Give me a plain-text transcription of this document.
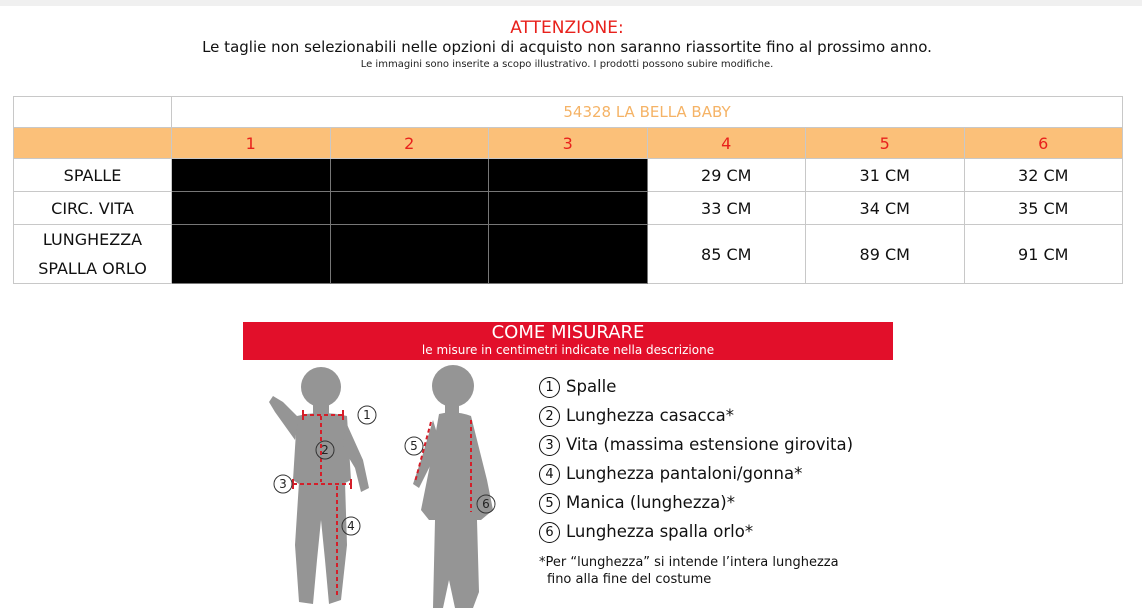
ATTENZIONE:
Le taglie non selezionabili nelle opzioni di acquisto non saranno riassortite fino al prossimo anno.
Le immagini sono inserite a scopo illustrativo. I prodotti possono subire modifiche.
	54328 LA BELLA BABY					
	1	2	3	4	5	6
SPALLE				29 CM	31 CM	32 CM
CIRC. VITA				33 CM	34 CM	35 CM

LUNGHEZZA
SPALLA ORLO				85 CM	89 CM	91 CM
COME MISURARE
le misure in centimetri indicate nella descrizione
1
2
3
4
5
6
1 Spalle
2 Lunghezza casacca*
3 Vita (massima estensione girovita)
4 Lunghezza pantaloni/gonna*
5 Manica (lunghezza)*
6 Lunghezza spalla orlo*
*Per “lunghezza” si intende l’intera lunghezza
fino alla fine del costume
